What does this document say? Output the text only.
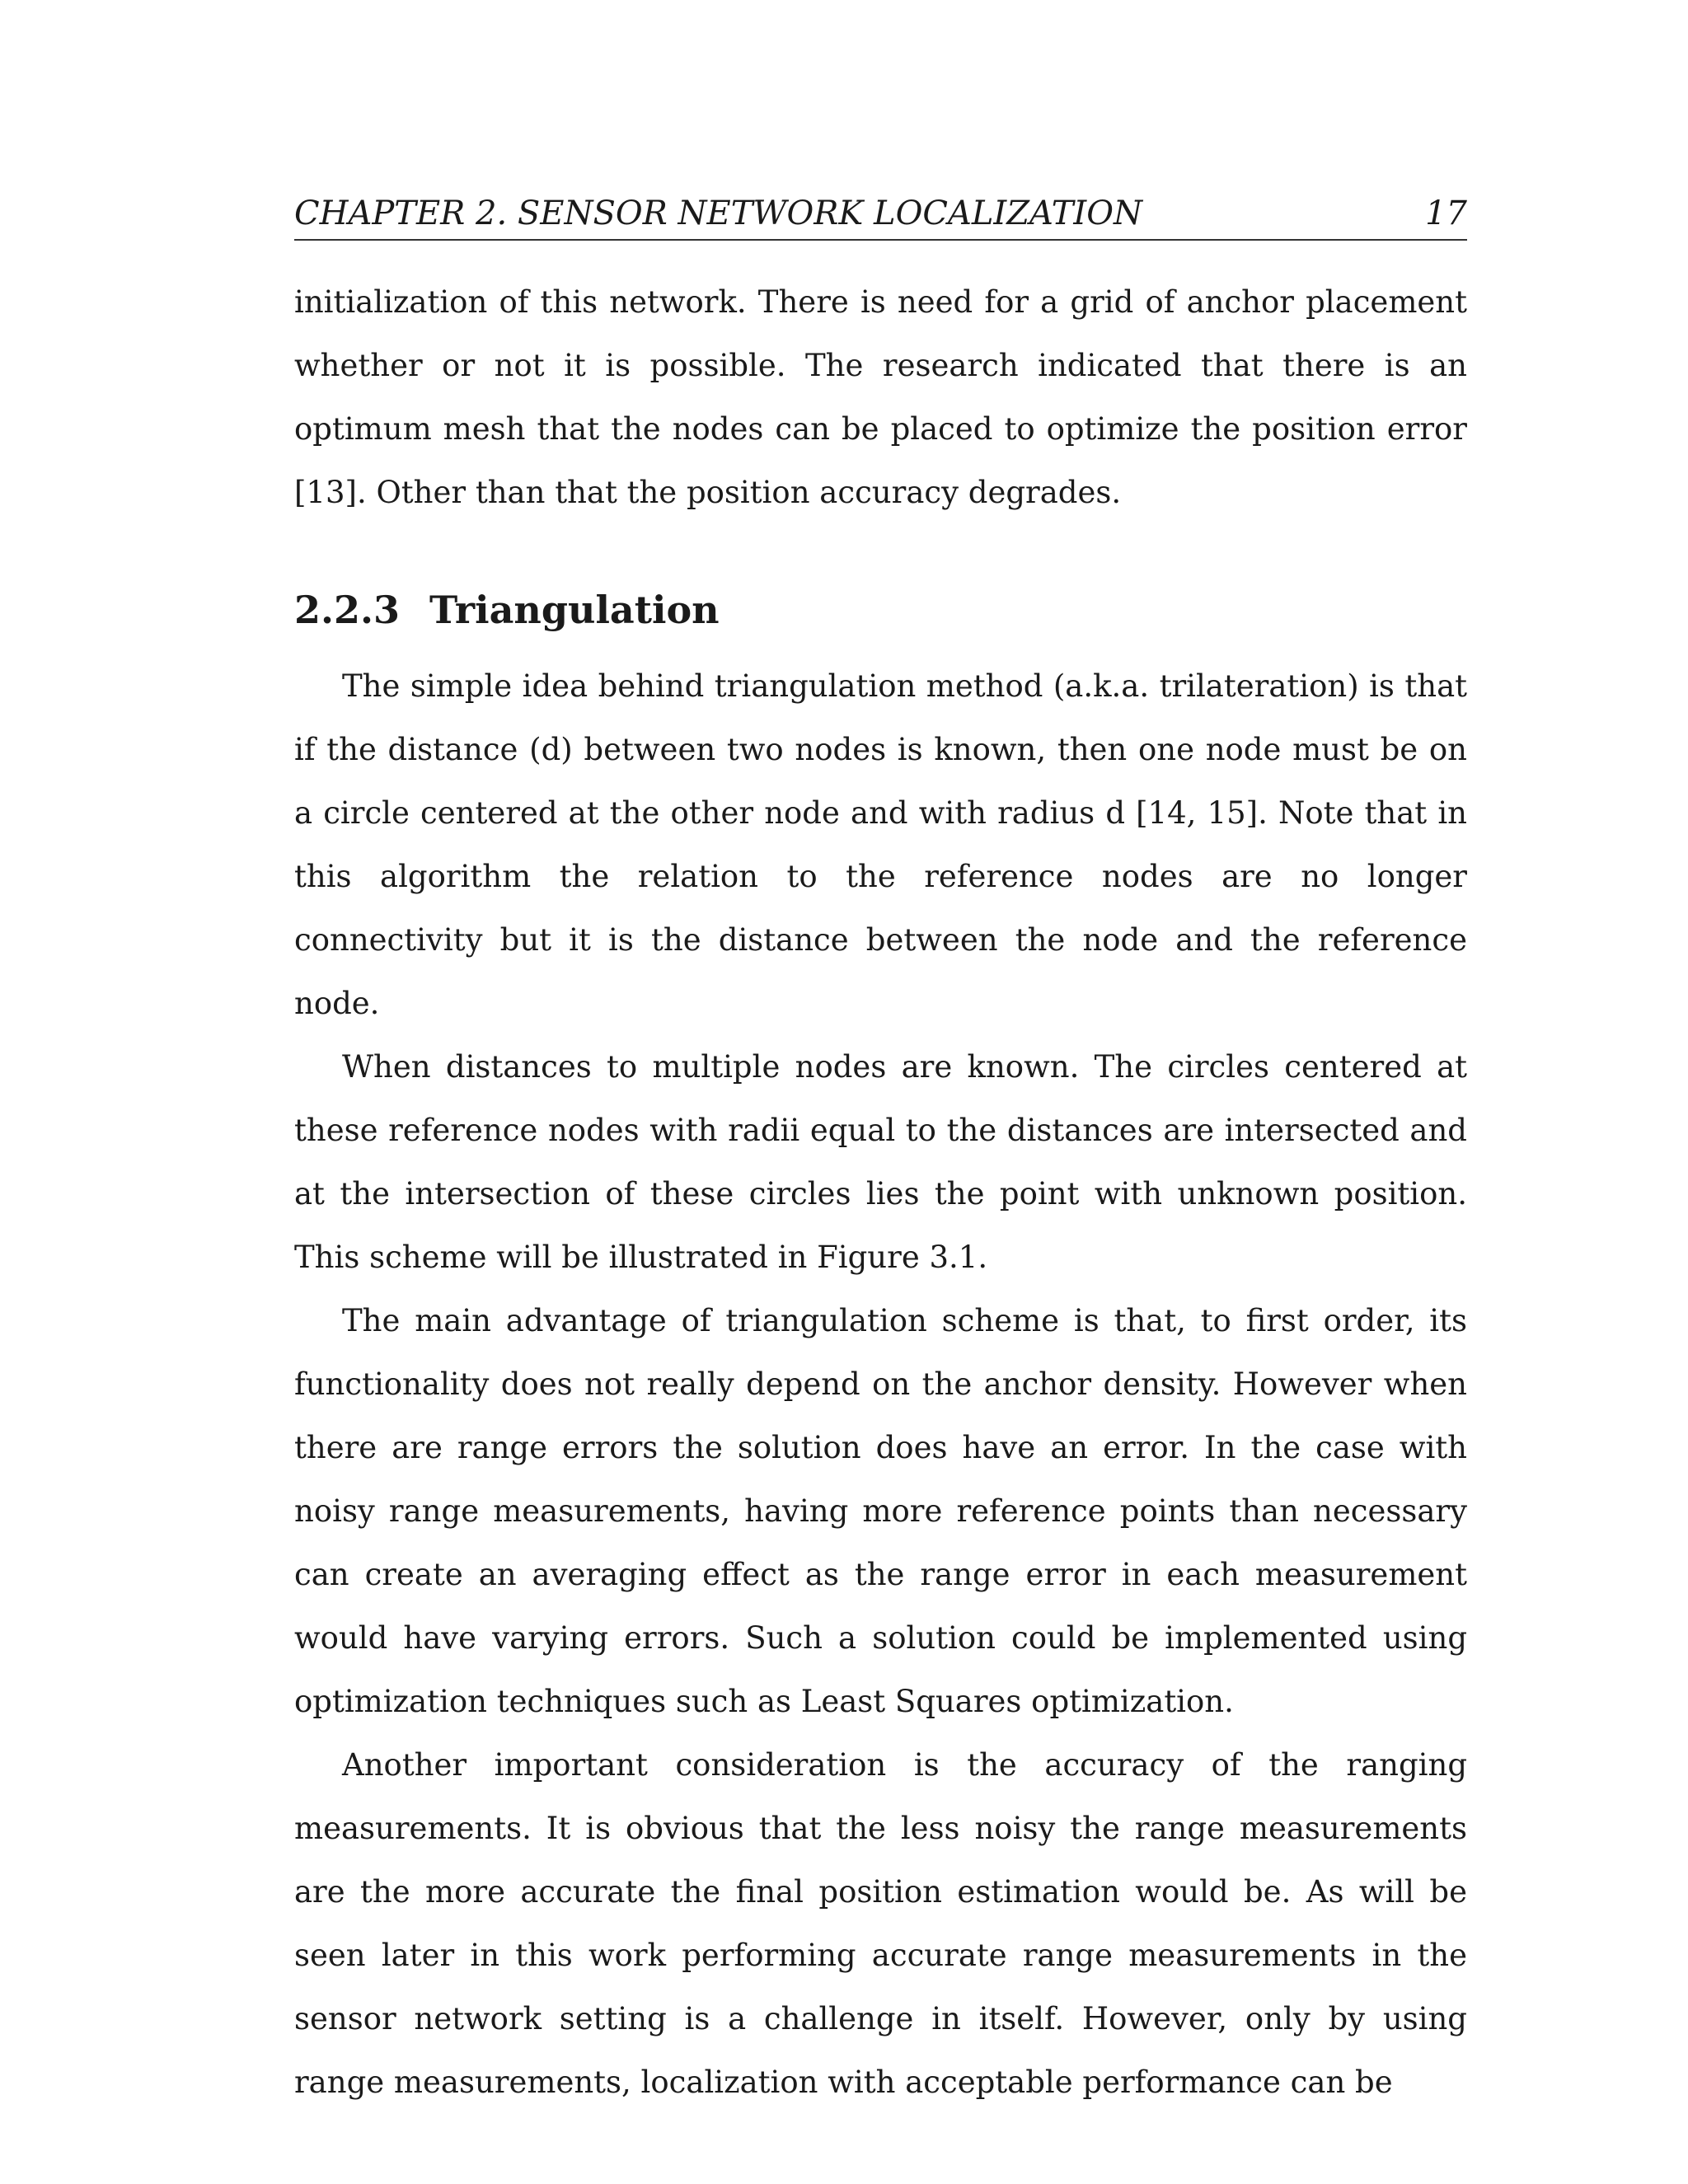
CHAPTER 2. SENSOR NETWORK LOCALIZATION	17

initialization of this network. There is need for a grid of anchor placement whether or not it is possible. The research indicated that there is an optimum mesh that the nodes can be placed to optimize the position error [13]. Other than that the position accuracy degrades.

2.2.3 Triangulation

The simple idea behind triangulation method (a.k.a. trilateration) is that if the distance (d) between two nodes is known, then one node must be on a circle centered at the other node and with radius d [14, 15]. Note that in this algorithm the relation to the reference nodes are no longer connectivity but it is the distance between the node and the reference node.

When distances to multiple nodes are known. The circles centered at these reference nodes with radii equal to the distances are intersected and at the intersection of these circles lies the point with unknown position. This scheme will be illustrated in Figure 3.1.

The main advantage of triangulation scheme is that, to first order, its functionality does not really depend on the anchor density. However when there are range errors the solution does have an error. In the case with noisy range measurements, having more reference points than necessary can create an averaging effect as the range error in each measurement would have varying errors. Such a solution could be implemented using optimization techniques such as Least Squares optimization.

Another important consideration is the accuracy of the ranging measurements. It is obvious that the less noisy the range measurements are the more accurate the final position estimation would be. As will be seen later in this work performing accurate range measurements in the sensor network setting is a challenge in itself. However, only by using range measurements, localization with acceptable performance can be
